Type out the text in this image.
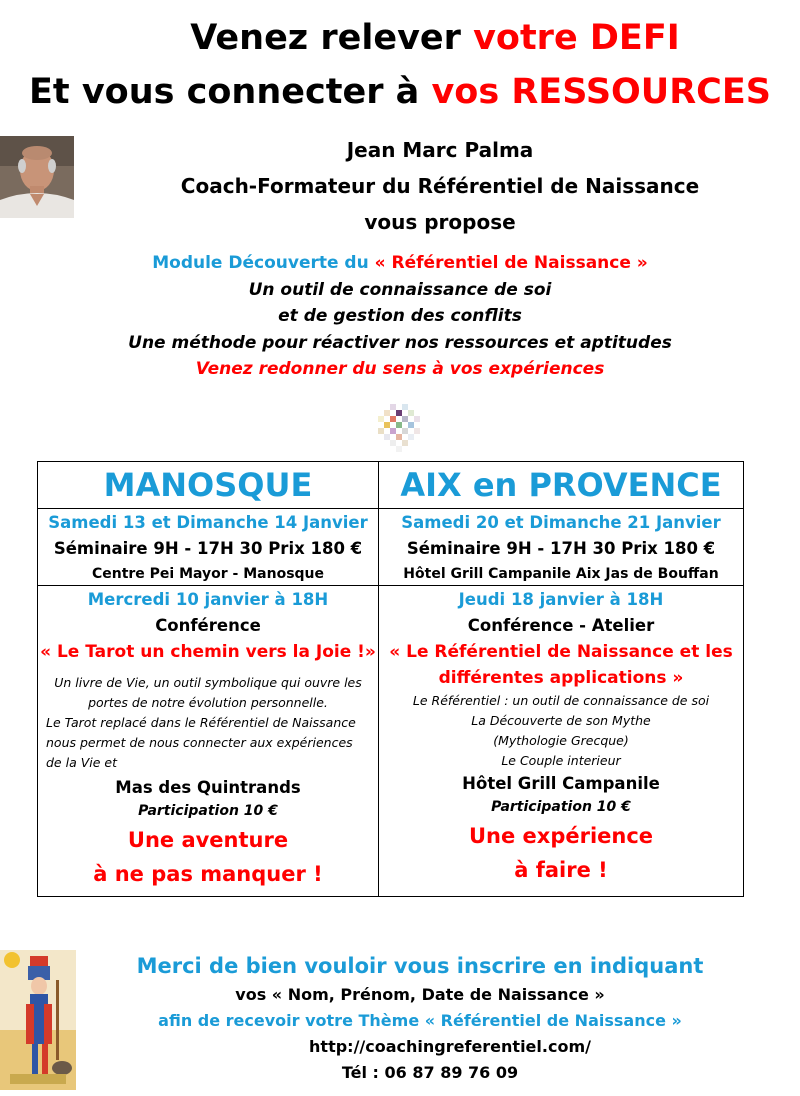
Venez relever votre DEFI
Et vous connecter à vos RESSOURCES
Jean Marc Palma
Coach-Formateur du Référentiel de Naissance
vous propose
Module Découverte du « Référentiel de Naissance »
Un outil de connaissance de soi
et de gestion des conflits
Une méthode pour réactiver nos ressources et aptitudes
Venez redonner du sens à vos expériences
MANOSQUE	AIX en PROVENCE
Samedi 13 et Dimanche 14 Janvier
Séminaire 9H - 17H 30 Prix 180 €
Centre Pei Mayor - Manosque
Samedi 20 et Dimanche 21 Janvier
Séminaire 9H - 17H 30 Prix 180 €
Hôtel Grill Campanile Aix Jas de Bouffan
Mercredi 10 janvier à 18H
Conférence
« Le Tarot un chemin vers la Joie !»
Un livre de Vie, un outil symbolique qui ouvre les
portes de notre évolution personnelle.
Le Tarot replacé dans le Référentiel de Naissance
nous permet de nous connecter aux expériences
de la Vie et
Mas des Quintrands
Participation 10 €
Une aventure
à ne pas manquer !
Jeudi 18 janvier à 18H
Conférence - Atelier
« Le Référentiel de Naissance et les
différentes applications »
Le Référentiel : un outil de connaissance de soi
La Découverte de son Mythe
(Mythologie Grecque)
Le Couple interieur
Hôtel Grill Campanile
Participation 10 €
Une expérience
à faire !
Merci de bien vouloir vous inscrire en indiquant
vos « Nom, Prénom, Date de Naissance »
afin de recevoir votre Thème « Référentiel de Naissance »
http://coachingreferentiel.com/
Tél : 06 87 89 76 09
